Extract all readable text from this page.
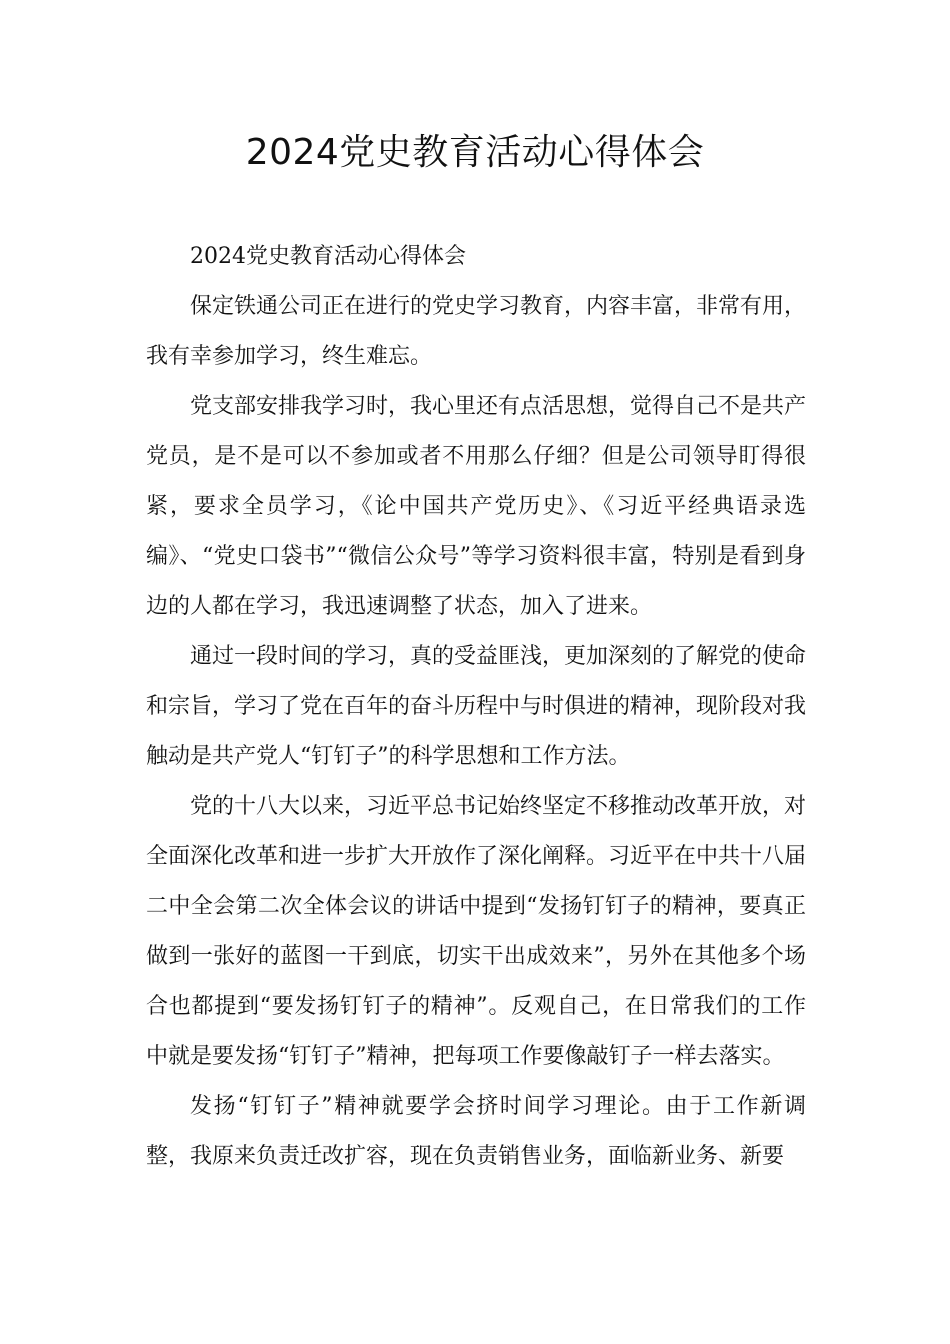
2024党史教育活动心得体会

2024党史教育活动心得体会

保定铁通公司正在进行的党史学习教育，内容丰富，非常有用，我有幸参加学习，终生难忘。

党支部安排我学习时，我心里还有点活思想，觉得自己不是共产党员，是不是可以不参加或者不用那么仔细？但是公司领导盯得很紧，要求全员学习，《论中国共产党历史》、《习近平经典语录选编》、“党史口袋书”“微信公众号”等学习资料很丰富，特别是看到身边的人都在学习，我迅速调整了状态，加入了进来。

通过一段时间的学习，真的受益匪浅，更加深刻的了解党的使命和宗旨，学习了党在百年的奋斗历程中与时俱进的精神，现阶段对我触动是共产党人“钉钉子”的科学思想和工作方法。

党的十八大以来，习近平总书记始终坚定不移推动改革开放，对全面深化改革和进一步扩大开放作了深化阐释。习近平在中共十八届二中全会第二次全体会议的讲话中提到“发扬钉钉子的精神，要真正做到一张好的蓝图一干到底，切实干出成效来”，另外在其他多个场合也都提到“要发扬钉钉子的精神”。反观自己，在日常我们的工作中就是要发扬“钉钉子”精神，把每项工作要像敲钉子一样去落实。

发扬“钉钉子”精神就要学会挤时间学习理论。由于工作新调整，我原来负责迁改扩容，现在负责销售业务，面临新业务、新要
